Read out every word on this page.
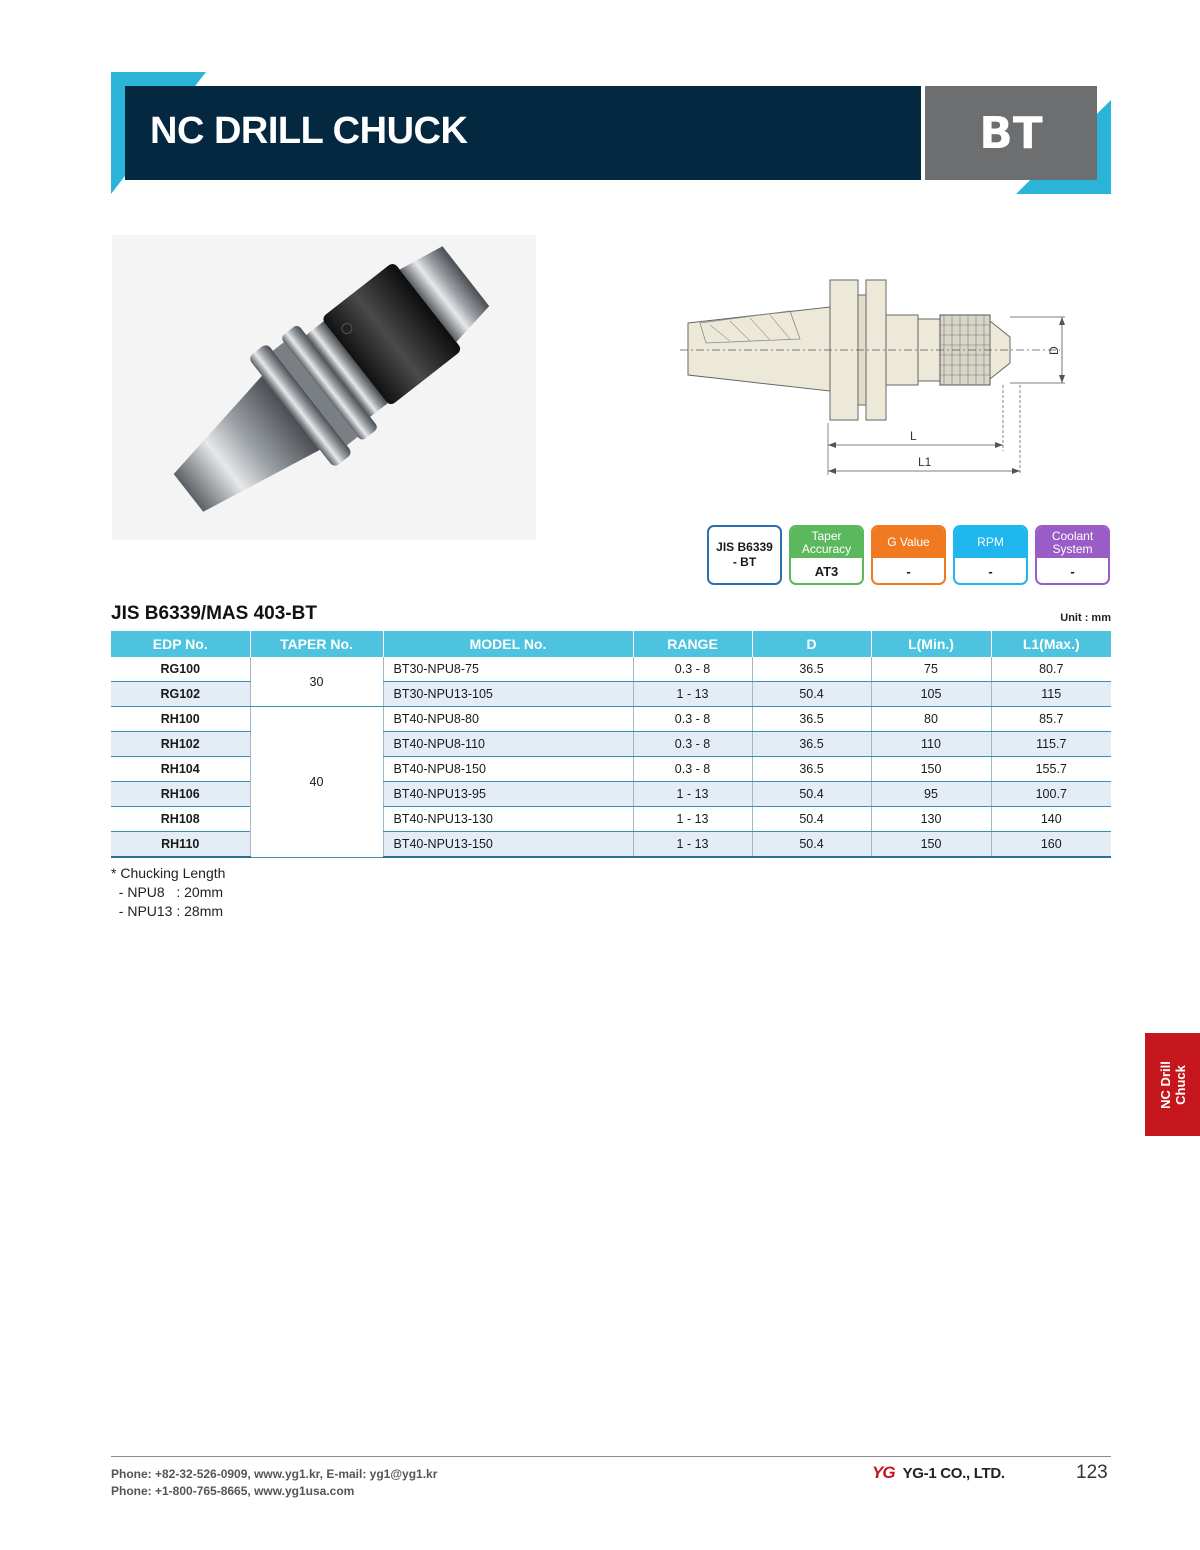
NC DRILL CHUCK	BT
D
L
L1
JIS B6339
- BT
Taper Accuracy
AT3
G Value
-
RPM
-
Coolant System
-
JIS B6339/MAS 403-BT	Unit : mm
EDP No.	TAPER No.	MODEL No.	RANGE	D	L(Min.)	L1(Max.)
RG100	30	BT30-NPU8-75	0.3 - 8	36.5	75	80.7
RG102		BT30-NPU13-105	1 - 13	50.4	105	115
RH100	40	BT40-NPU8-80	0.3 - 8	36.5	80	85.7
RH102		BT40-NPU8-110	0.3 - 8	36.5	110	115.7
RH104		BT40-NPU8-150	0.3 - 8	36.5	150	155.7
RH106		BT40-NPU13-95	1 - 13	50.4	95	100.7
RH108		BT40-NPU13-130	1 - 13	50.4	130	140
RH110		BT40-NPU13-150	1 - 13	50.4	150	160
* Chucking Length
- NPU8   : 20mm
- NPU13 : 28mm
NC Drill Chuck
Phone: +82-32-526-0909, www.yg1.kr, E-mail: yg1@yg1.kr
Phone: +1-800-765-8665, www.yg1usa.com
YG YG-1 CO., LTD.	123
